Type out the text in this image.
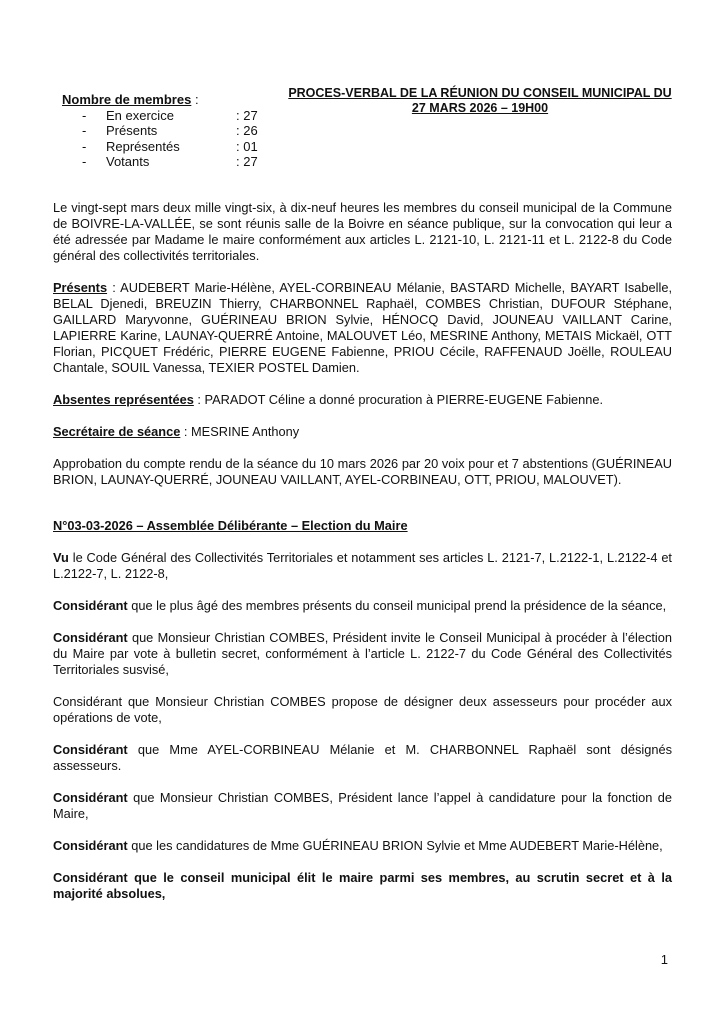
Nombre de membres :
- En exercice	: 27
- Présents	: 26
- Représentés	: 01
- Votants	: 27
PROCES-VERBAL DE LA RÉUNION DU CONSEIL MUNICIPAL DU
27 MARS 2026 – 19H00

Le vingt-sept mars deux mille vingt-six, à dix-neuf heures les membres du conseil municipal de la Commune de BOIVRE-LA-VALLÉE, se sont réunis salle de la Boivre en séance publique, sur la convocation qui leur a été adressée par Madame le maire conformément aux articles L. 2121-10, L. 2121-11 et L. 2122-8 du Code général des collectivités territoriales.

Présents : AUDEBERT Marie-Hélène, AYEL-CORBINEAU Mélanie, BASTARD Michelle, BAYART Isabelle, BELAL Djenedi, BREUZIN Thierry, CHARBONNEL Raphaël, COMBES Christian, DUFOUR Stéphane, GAILLARD Maryvonne, GUÉRINEAU BRION Sylvie, HÉNOCQ David, JOUNEAU VAILLANT Carine, LAPIERRE Karine, LAUNAY-QUERRÉ Antoine, MALOUVET Léo, MESRINE Anthony, METAIS Mickaël, OTT Florian, PICQUET Frédéric, PIERRE EUGENE Fabienne, PRIOU Cécile, RAFFENAUD Joëlle, ROULEAU Chantale, SOUIL Vanessa, TEXIER POSTEL Damien.

Absentes représentées : PARADOT Céline a donné procuration à PIERRE-EUGENE Fabienne.

Secrétaire de séance : MESRINE Anthony

Approbation du compte rendu de la séance du 10 mars 2026 par 20 voix pour et 7 abstentions (GUÉRINEAU BRION, LAUNAY-QUERRÉ, JOUNEAU VAILLANT, AYEL-CORBINEAU, OTT, PRIOU, MALOUVET).

N°03-03-2026 – Assemblée Délibérante – Election du Maire

Vu le Code Général des Collectivités Territoriales et notamment ses articles L. 2121-7, L.2122-1, L.2122-4 et L.2122-7, L. 2122-8,

Considérant que le plus âgé des membres présents du conseil municipal prend la présidence de la séance,

Considérant que Monsieur Christian COMBES, Président invite le Conseil Municipal à procéder à l’élection du Maire par vote à bulletin secret, conformément à l’article L. 2122-7 du Code Général des Collectivités Territoriales susvisé,

Considérant que Monsieur Christian COMBES propose de désigner deux assesseurs pour procéder aux opérations de vote,

Considérant que Mme AYEL-CORBINEAU Mélanie et M. CHARBONNEL Raphaël sont désignés assesseurs.

Considérant que Monsieur Christian COMBES, Président lance l’appel à candidature pour la fonction de Maire,

Considérant que les candidatures de Mme GUÉRINEAU BRION Sylvie et Mme AUDEBERT Marie-Hélène,

Considérant que le conseil municipal élit le maire parmi ses membres, au scrutin secret et à la majorité absolues,

1
